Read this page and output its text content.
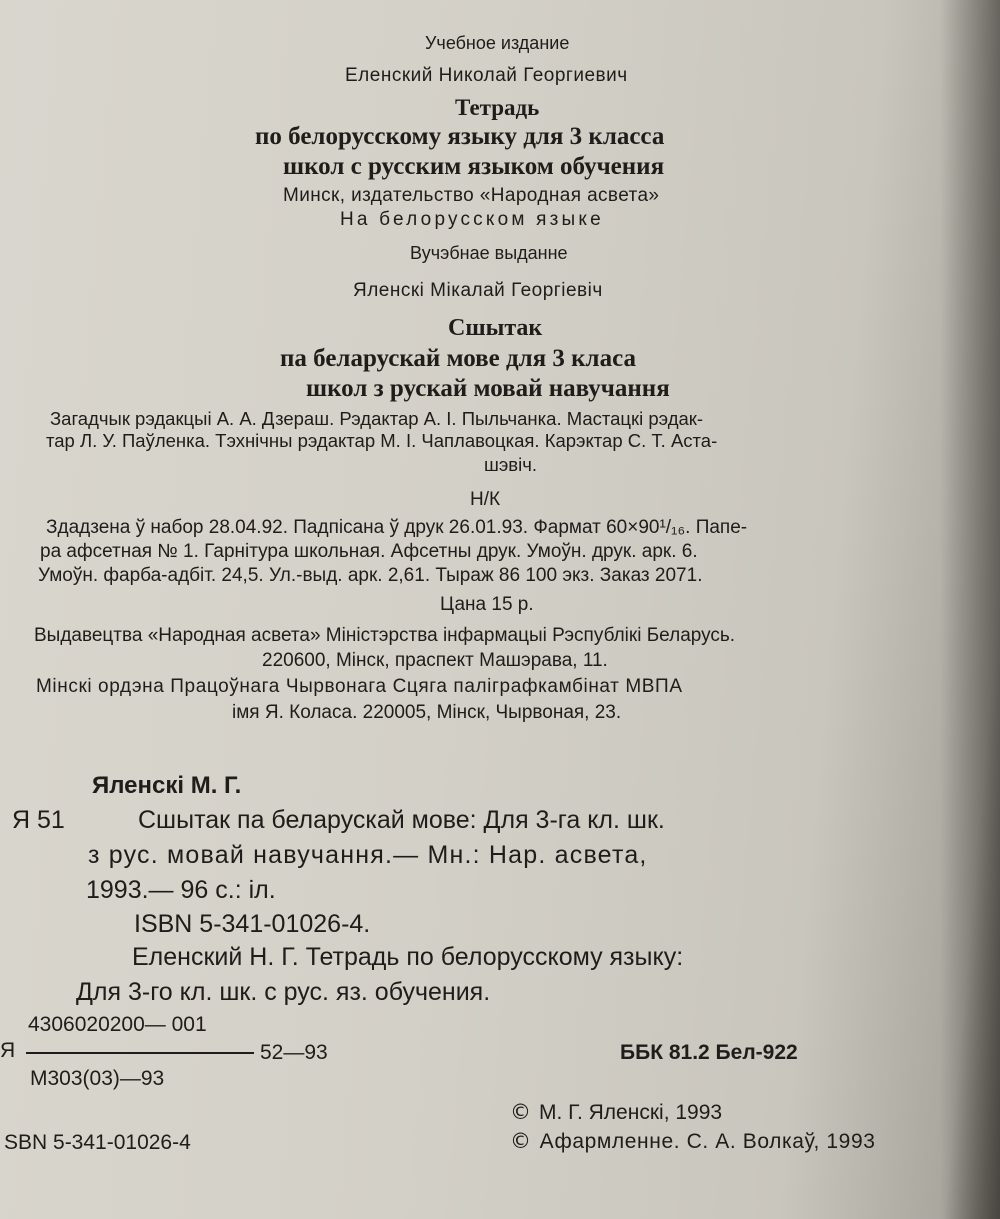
Учебное издание
Еленский Николай Георгиевич
Тетрадь
по белорусскому языку для 3 класса
школ с русским языком обучения
Минск, издательство «Народная асвета»
На белорусском языке
Вучэбнае выданне
Яленскі Мікалай Георгіевіч
Сшытак
па беларускай мове для 3 класа
школ з рускай мовай навучання
Загадчык рэдакцыі А. А. Дзераш. Рэдактар А. І. Пыльчанка. Мастацкі рэдак-
тар Л. У. Паўленка. Тэхнічны рэдактар М. І. Чаплавоцкая. Карэктар С. Т. Аста-
шэвіч.
Н/К
Здадзена ў набор 28.04.92. Падпісана ў друк 26.01.93. Фармат 60×90¹/₁₆. Папе-
ра афсетная № 1. Гарнітура школьная. Афсетны друк. Умоўн. друк. арк. 6.
Умоўн. фарба-адбіт. 24,5. Ул.-выд. арк. 2,61. Тыраж 86 100 экз. Заказ 2071.
Цана 15 р.
Выдавецтва «Народная асвета» Міністэрства інфармацыі Рэспублікі Беларусь.
220600, Мінск, праспект Машэрава, 11.
Мінскі ордэна Працоўнага Чырвонага Сцяга паліграфкамбінат МВПА
імя Я. Коласа. 220005, Мінск, Чырвоная, 23.
Яленскі М. Г.
Я 51	Сшытак па беларускай мове: Для 3-га кл. шк.
з рус. мовай навучання.— Мн.: Нар. асвета,
1993.— 96 с.: іл.
ISBN 5-341-01026-4.
Еленский Н. Г. Тетрадь по белорусскому языку:
Для 3-го кл. шк. с рус. яз. обучения.
4306020200— 001
Я	52—93
М303(03)—93
ББК 81.2 Бел-922
SBN 5-341-01026-4
© М. Г. Яленскі, 1993
© Афармленне. С. А. Волкаў, 1993
